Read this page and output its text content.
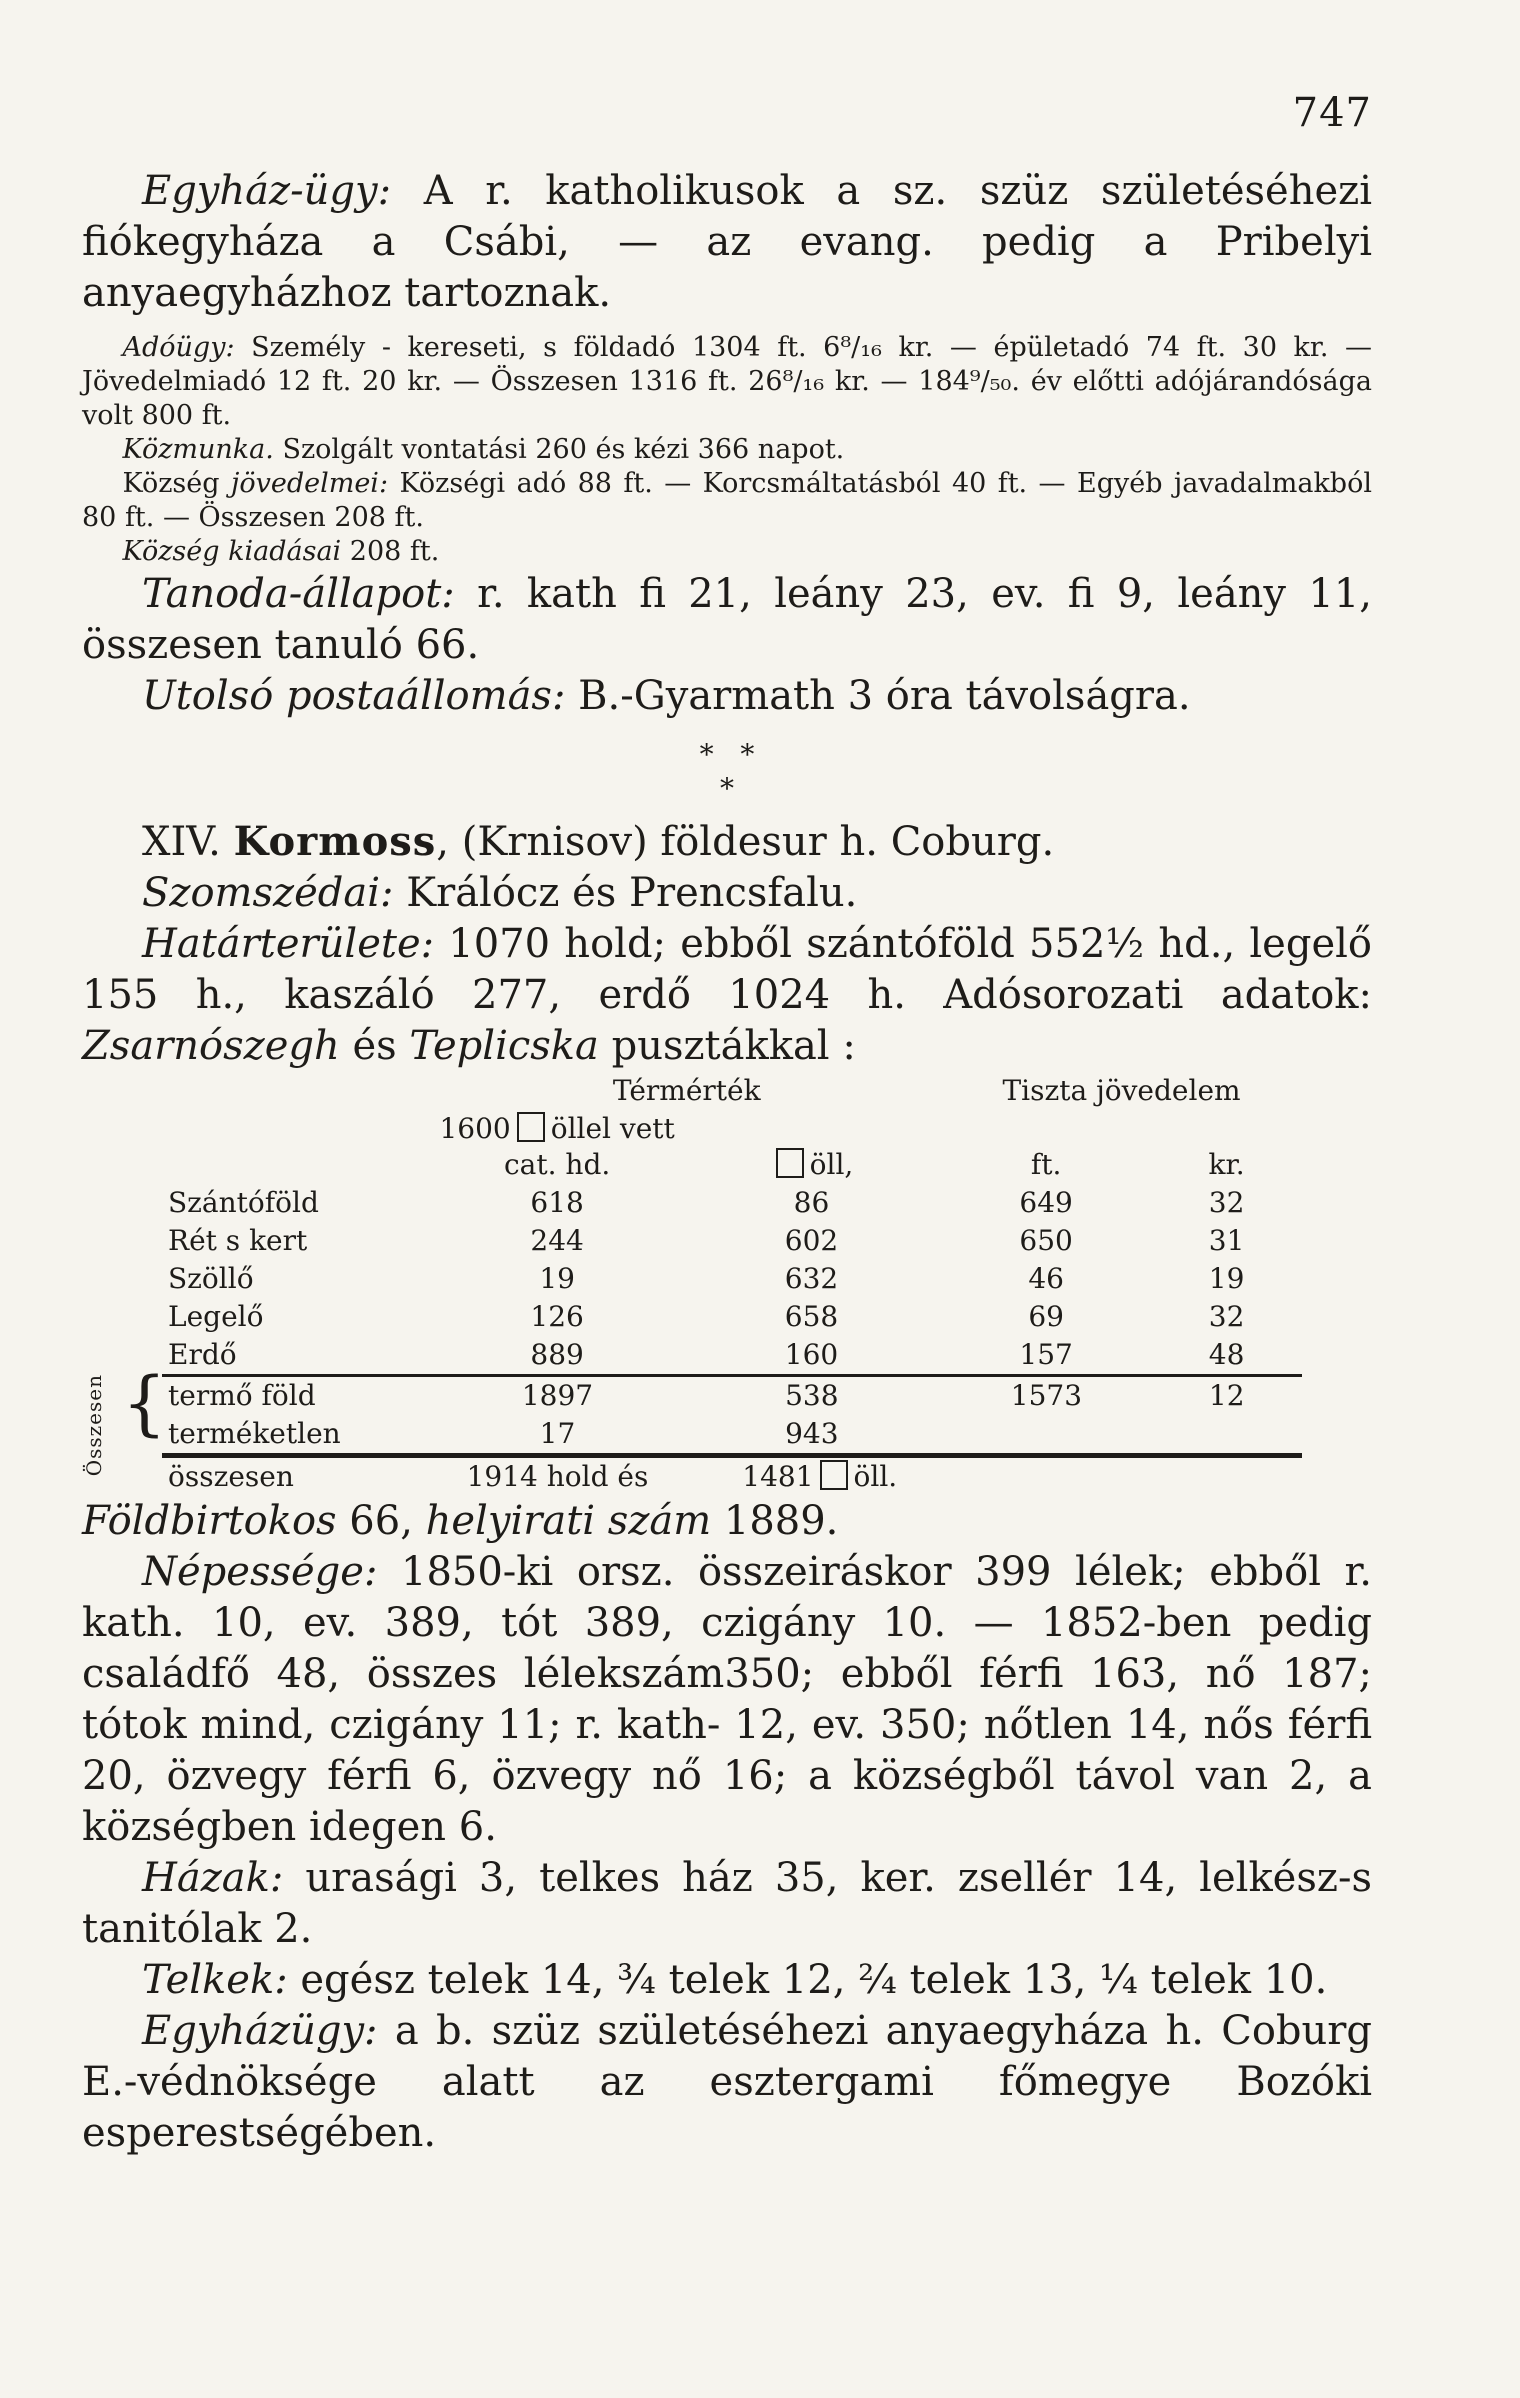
747

Egyház-ügy: A r. katholikusok a sz. szüz születéséhezi fiókegyháza a Csábi, — az evang. pedig a Pribelyi anyaegyházhoz tartoznak.

Adóügy: Személy - kereseti, s földadó 1304 ft. 6⁸/₁₆ kr. — épületadó 74 ft. 30 kr. — Jövedelmiadó 12 ft. 20 kr. — Összesen 1316 ft. 26⁸/₁₆ kr. — 184⁹/₅₀. év előtti adójárandósága volt 800 ft.

Közmunka. Szolgált vontatási 260 és kézi 366 napot.

Község jövedelmei: Községi adó 88 ft. — Korcsmáltatásból 40 ft. — Egyéb javadalmakból 80 ft. — Összesen 208 ft.

Község kiadásai 208 ft.

Tanoda-állapot: r. kath fi 21, leány 23, ev. fi 9, leány 11, összesen tanuló 66.

Utolsó postaállomás: B.-Gyarmath 3 óra távolságra.

*   *
*

XIV. Kormoss, (Krnisov) földesur h. Coburg.

Szomszédai: Králócz és Prencsfalu.

Határterülete: 1070 hold; ebből szántóföld 552½ hd., legelő 155 h., kaszáló 277, erdő 1024 h. Adósorozati adatok: Zsarnószegh és Teplicska pusztákkal :

	Térmérték		Tiszta jövedelem	
	1600 öllel vett cat. hd.	öll,	ft.	kr.
Szántóföld	618	86	649	32
Rét s kert	244	602	650	31
Szöllő	19	632	46	19
Legelő	126	658	69	32
Erdő	889	160	157	48
Összesen { termő föld	1897	538	1573	12
terméketlen	17	943		
összesen	1914 hold és	1481 öll.		

Földbirtokos 66, helyirati szám 1889.

Népessége: 1850-ki orsz. összeiráskor 399 lélek; ebből r. kath. 10, ev. 389, tót 389, czigány 10. — 1852-ben pedig családfő 48, összes lélekszám350; ebből férfi 163, nő 187; tótok mind, czigány 11; r. kath- 12, ev. 350; nőtlen 14, nős férfi 20, özvegy férfi 6, özvegy nő 16; a községből távol van 2, a községben idegen 6.

Házak: urasági 3, telkes ház 35, ker. zsellér 14, lelkész-s tanitólak 2.

Telkek: egész telek 14, ¾ telek 12, ²⁄₄ telek 13, ¼ telek 10.

Egyházügy: a b. szüz születéséhezi anyaegyháza h. Coburg E.-védnöksége alatt az esztergami főmegye Bozóki esperestségében.
